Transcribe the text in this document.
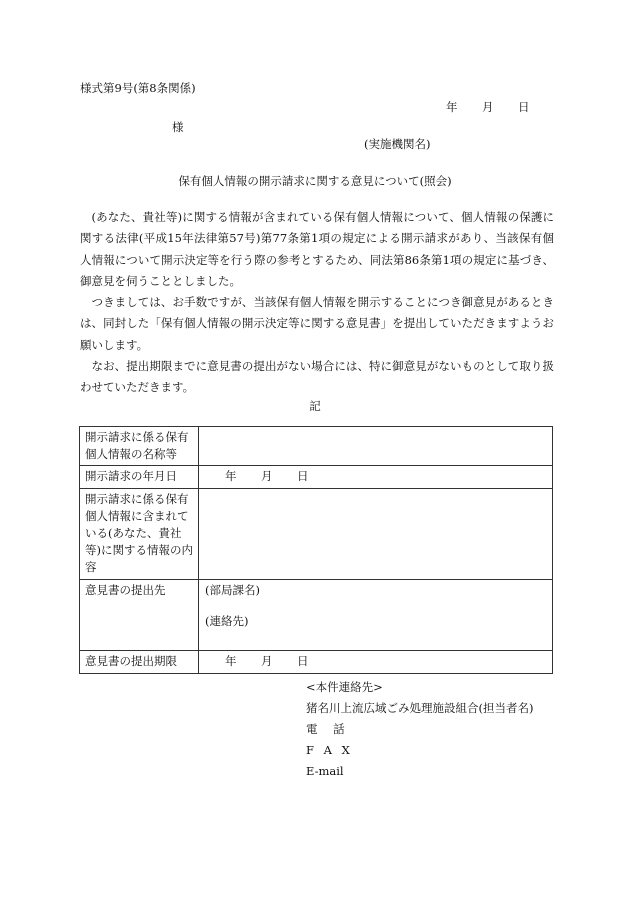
様式第9号(第8条関係)
年 月 日
様
(実施機関名)
保有個人情報の開示請求に関する意見について(照会)

(あなた、貴社等)に関する情報が含まれている保有個人情報について、個人情報の保護に関する法律(平成15年法律第57号)第77条第1項の規定による開示請求があり、当該保有個人情報について開示決定等を行う際の参考とするため、同法第86条第1項の規定に基づき、御意見を伺うこととしました。

つきましては、お手数ですが、当該保有個人情報を開示することにつき御意見があるときは、同封した「保有個人情報の開示決定等に関する意見書」を提出していただきますようお願いします。

なお、提出期限までに意見書の提出がない場合には、特に御意見がないものとして取り扱わせていただきます。

記
開示請求に係る保有個人情報の名称等	
開示請求の年月日	年 月 日
開示請求に係る保有個人情報に含まれている(あなた、貴社等)に関する情報の内容	
意見書の提出先	(部局課名)
(連絡先)

意見書の提出期限	年 月 日
<本件連絡先>
猪名川上流広域ごみ処理施設組合(担当者名)
電 話
F A X
E-mail
